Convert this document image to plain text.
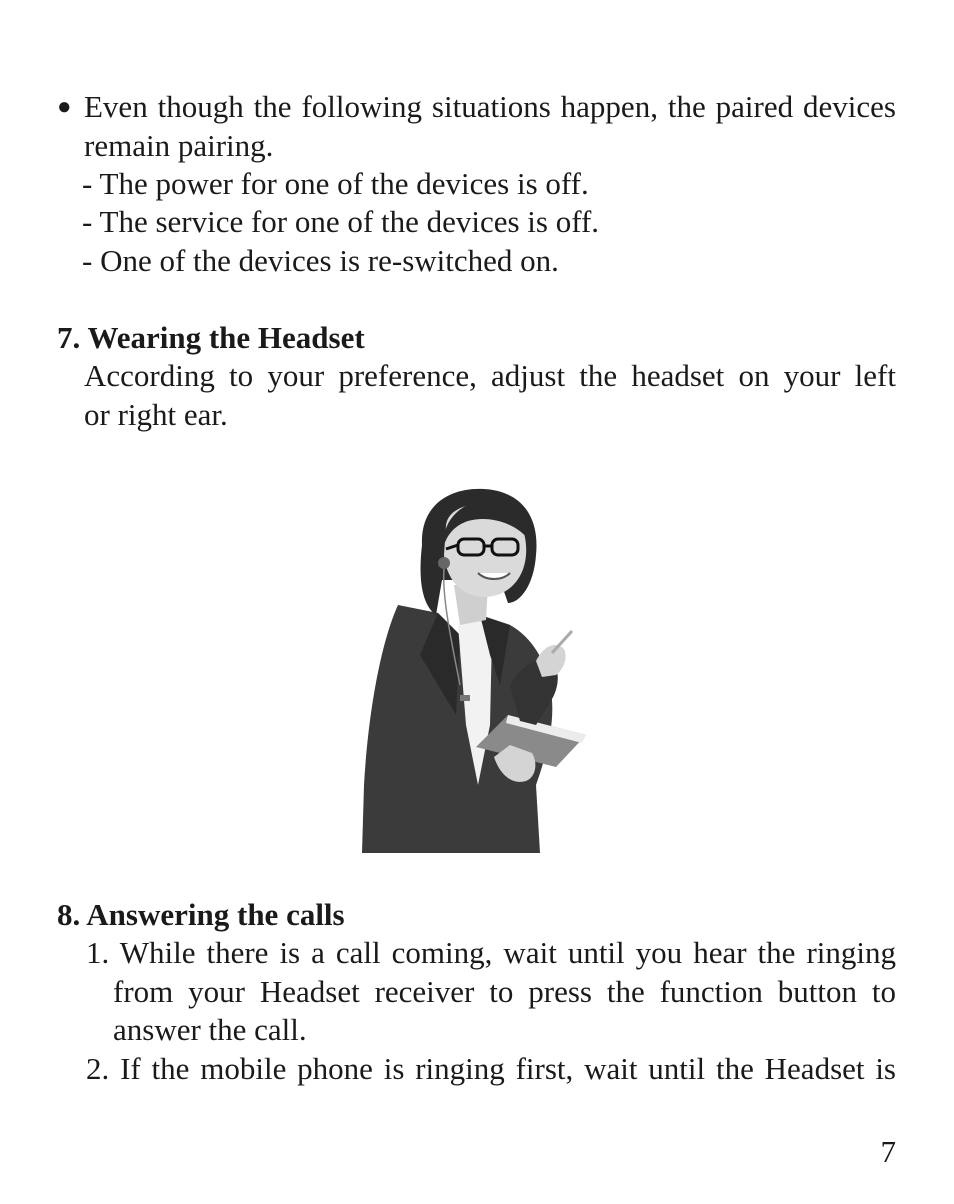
● Even though the following situations happen, the paired devices
remain pairing.
- The power for one of the devices is off.
- The service for one of the devices is off.
- One of the devices is re-switched on.
7. Wearing the Headset
According to your preference, adjust the headset on your left
or right ear.
8. Answering the calls
1. While there is a call coming, wait until you hear the ringing
from your Headset receiver to press the function button to
answer the call.
2. If the mobile phone is ringing first, wait until the Headset is
7
